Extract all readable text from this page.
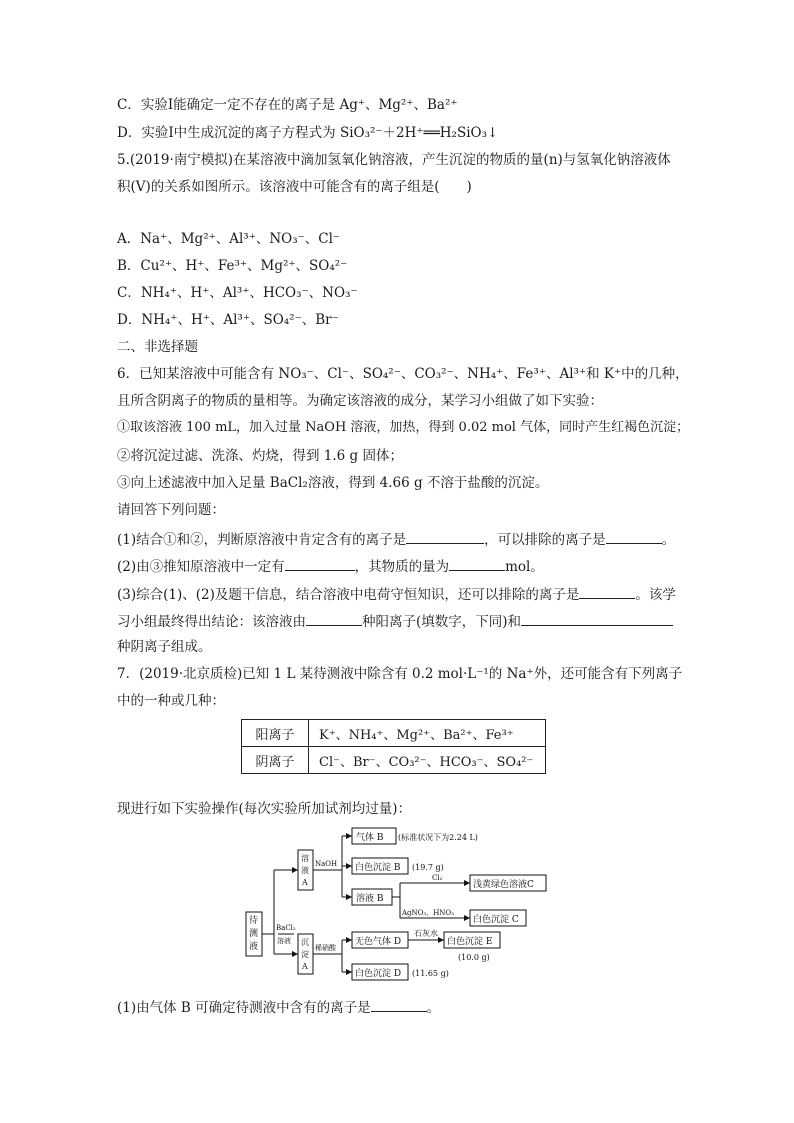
C．实验Ⅰ能确定一定不存在的离子是 Ag⁺、Mg²⁺、Ba²⁺
D．实验Ⅰ中生成沉淀的离子方程式为 SiO₃²⁻＋2H⁺══H₂SiO₃↓
5.(2019·南宁模拟)在某溶液中滴加氢氧化钠溶液，产生沉淀的物质的量(n)与氢氧化钠溶液体
积(V)的关系如图所示。该溶液中可能含有的离子组是(　　)
A．Na⁺、Mg²⁺、Al³⁺、NO₃⁻、Cl⁻
B．Cu²⁺、H⁺、Fe³⁺、Mg²⁺、SO₄²⁻
C．NH₄⁺、H⁺、Al³⁺、HCO₃⁻、NO₃⁻
D．NH₄⁺、H⁺、Al³⁺、SO₄²⁻、Br⁻
二、非选择题
6．已知某溶液中可能含有 NO₃⁻、Cl⁻、SO₄²⁻、CO₃²⁻、NH₄⁺、Fe³⁺、Al³⁺和 K⁺中的几种，
且所含阴离子的物质的量相等。为确定该溶液的成分，某学习小组做了如下实验：
①取该溶液 100 mL，加入过量 NaOH 溶液，加热，得到 0.02 mol 气体，同时产生红褐色沉淀；
②将沉淀过滤、洗涤、灼烧，得到 1.6 g 固体；
③向上述滤液中加入足量 BaCl₂溶液，得到 4.66 g 不溶于盐酸的沉淀。
请回答下列问题：
(1)结合①和②，判断原溶液中肯定含有的离子是	，可以排除的离子是	。
(2)由③推知原溶液中一定有	，其物质的量为	mol。
(3)综合(1)、(2)及题干信息，结合溶液中电荷守恒知识，还可以排除的离子是	。该学
习小组最终得出结论：该溶液由	种阳离子(填数字，下同)和
种阴离子组成。
7．(2019·北京质检)已知 1 L 某待测液中除含有 0.2 mol·L⁻¹的 Na⁺外，还可能含有下列离子
中的一种或几种：
阳离子	K⁺、NH₄⁺、Mg²⁺、Ba²⁺、Fe³⁺
阴离子	Cl⁻、Br⁻、CO₃²⁻、HCO₃⁻、SO₄²⁻
现进行如下实验操作(每次实验所加试剂均过量)：
待
测
液
BaCl₂
溶液
溶
液
A
NaOH
气体 B (标准状况下为2.24 L)
白色沉淀 B (19.7 g)
溶液 B
Cl₂
浅黄绿色溶液C
AgNO₃、HNO₃
白色沉淀 C
沉
淀
A
稀硝酸
无色气体 D
石灰水
白色沉淀 E
(10.0 g)
白色沉淀 D (11.65 g)
(1)由气体 B 可确定待测液中含有的离子是	。
